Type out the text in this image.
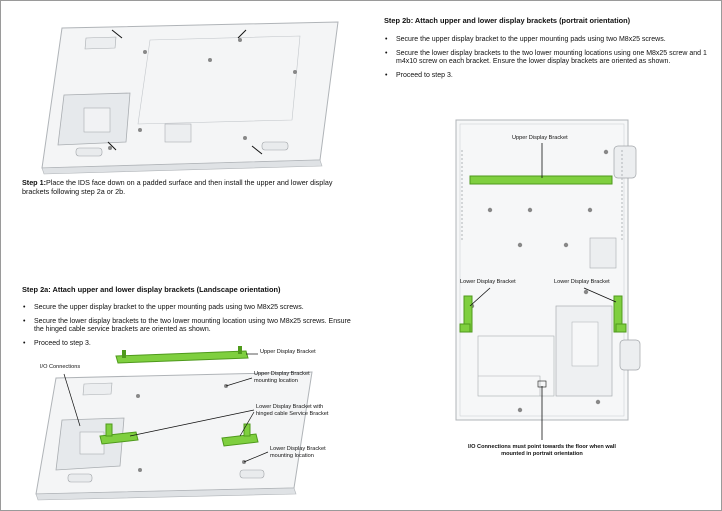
Step 1:Place the IDS face down on a padded surface and then install the upper and lower display brackets following step 2a or 2b.
Step 2a: Attach upper and lower display brackets (Landscape orientation)
• Secure the upper display bracket to the upper mounting pads using two M8x25 screws.
• Secure the lower display brackets to the two lower mounting location using two M8x25 screws. Ensure the hinged cable service brackets are oriented as shown.
• Proceed to step 3.
Upper Display Bracket
Upper Display Bracket mounting location
I/O Connections
Lower Display Bracket with hinged cable Service Bracket
Lower Display Bracket mounting location
Step 2b: Attach upper and lower display brackets (portrait orientation)
• Secure the upper display bracket to the upper mounting pads using two M8x25 screws.
• Secure the lower display brackets to the two lower mounting locations using one M8x25 screw and 1 m4x10 screw on each bracket. Ensure the lower display brackets are oriented as shown.
• Proceed to step 3.
Upper Display Bracket
Lower Display Bracket	Lower Display Bracket
I/O Connections must point towards the floor when wall mounted in portrait orientation
